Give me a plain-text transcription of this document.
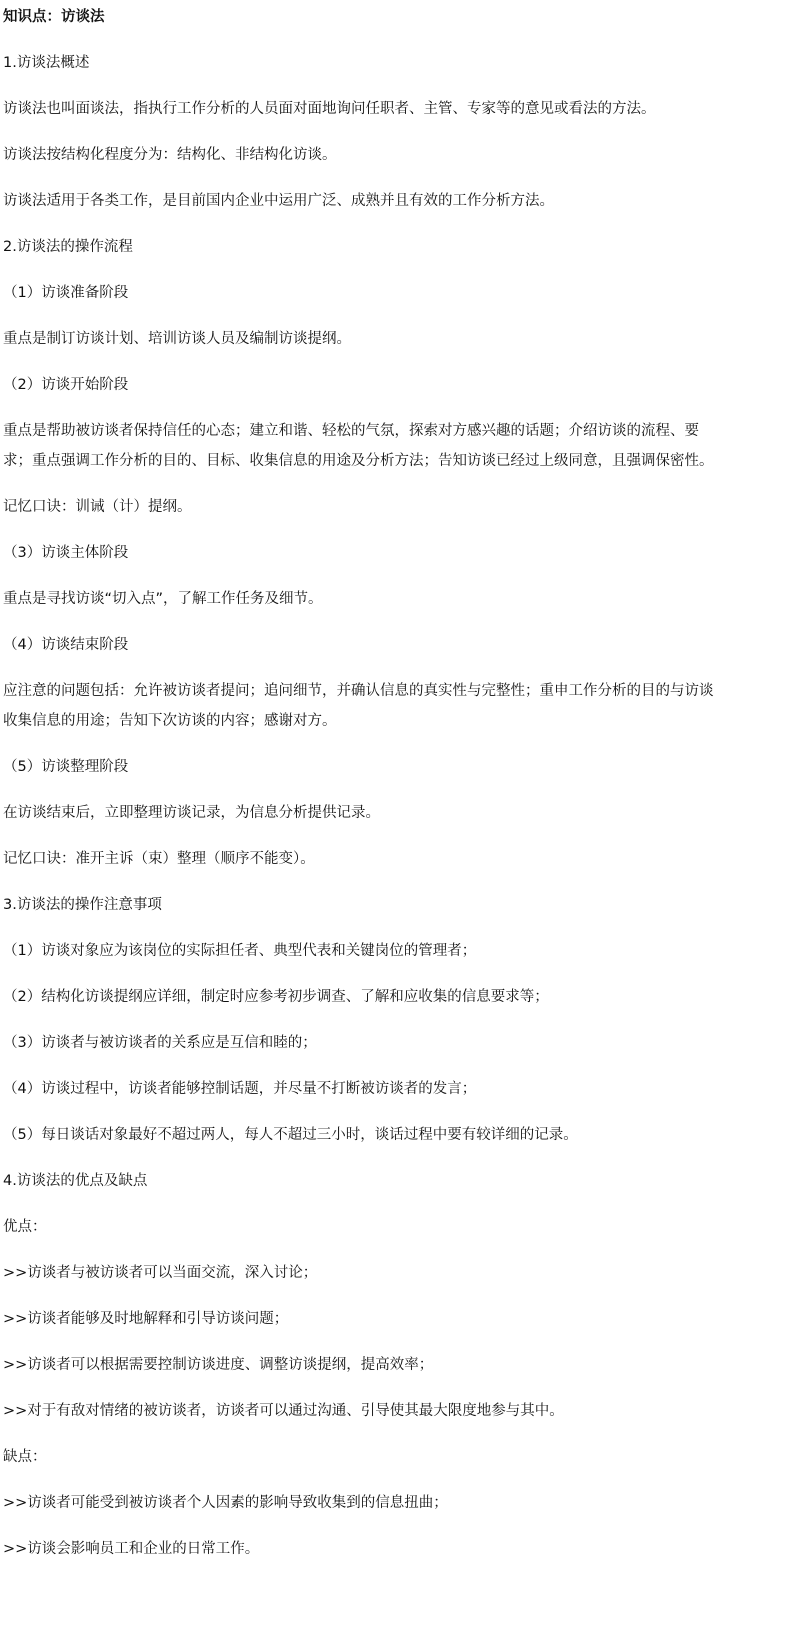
知识点：访谈法

1.访谈法概述

访谈法也叫面谈法，指执行工作分析的人员面对面地询问任职者、主管、专家等的意见或看法的方法。

访谈法按结构化程度分为：结构化、非结构化访谈。

访谈法适用于各类工作，是目前国内企业中运用广泛、成熟并且有效的工作分析方法。

2.访谈法的操作流程

（1）访谈准备阶段

重点是制订访谈计划、培训访谈人员及编制访谈提纲。

（2）访谈开始阶段

重点是帮助被访谈者保持信任的心态；建立和谐、轻松的气氛，探索对方感兴趣的话题；介绍访谈的流程、要

求；重点强调工作分析的目的、目标、收集信息的用途及分析方法；告知访谈已经过上级同意，且强调保密性。

记忆口诀：训诫（计）提纲。

（3）访谈主体阶段

重点是寻找访谈“切入点”，了解工作任务及细节。

（4）访谈结束阶段

应注意的问题包括：允许被访谈者提问；追问细节，并确认信息的真实性与完整性；重申工作分析的目的与访谈

收集信息的用途；告知下次访谈的内容；感谢对方。

（5）访谈整理阶段

在访谈结束后，立即整理访谈记录，为信息分析提供记录。

记忆口诀：准开主诉（束）整理（顺序不能变）。

3.访谈法的操作注意事项

（1）访谈对象应为该岗位的实际担任者、典型代表和关键岗位的管理者；

（2）结构化访谈提纲应详细，制定时应参考初步调查、了解和应收集的信息要求等；

（3）访谈者与被访谈者的关系应是互信和睦的；

（4）访谈过程中，访谈者能够控制话题，并尽量不打断被访谈者的发言；

（5）每日谈话对象最好不超过两人，每人不超过三小时，谈话过程中要有较详细的记录。

4.访谈法的优点及缺点

优点：

>>访谈者与被访谈者可以当面交流，深入讨论；

>>访谈者能够及时地解释和引导访谈问题；

>>访谈者可以根据需要控制访谈进度、调整访谈提纲，提高效率；

>>对于有敌对情绪的被访谈者，访谈者可以通过沟通、引导使其最大限度地参与其中。

缺点：

>>访谈者可能受到被访谈者个人因素的影响导致收集到的信息扭曲；

>>访谈会影响员工和企业的日常工作。
